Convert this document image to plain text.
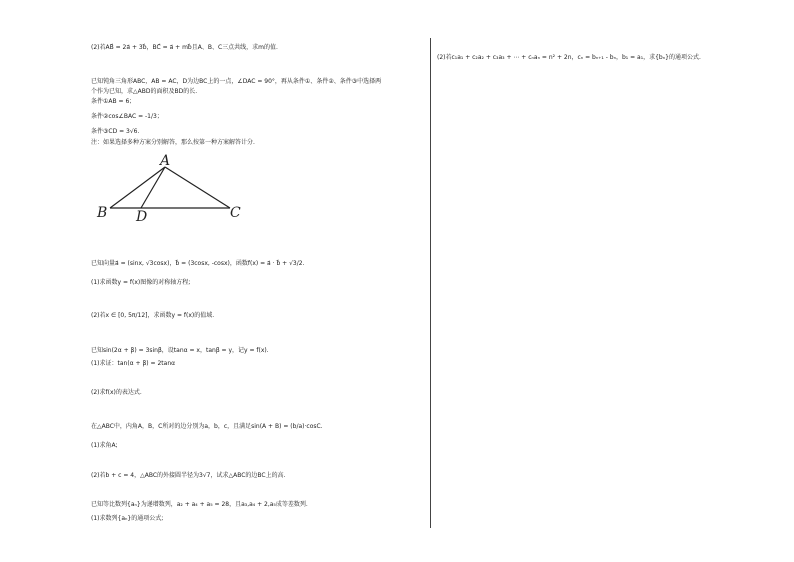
(2)若AB⃗ = 2a⃗ + 3b⃗，BC⃗ = a⃗ + mb⃗且A、B、C三点共线，求m的值.
已知钝角三角形ABC，AB = AC，D为边BC上的一点，∠DAC = 90°，再从条件①、条件②、条件③中选择两
个作为已知，求△ABD的面积及BD的长.
条件①AB = 6；
条件②cos∠BAC = -1/3；
条件③CD = 3√6.
注：如果选择多种方案分别解答，那么按第一种方案解答计分.
A
B D	C
已知向量a⃗ = (sinx, √3cosx)，b⃗ = (3cosx, -cosx)，函数f(x) = a⃗ · b⃗ + √3/2.
(1)求函数y = f(x)图像的对称轴方程;
(2)若x ∈ [0, 5π/12]，求函数y = f(x)的值域.
已知sin(2α + β) = 3sinβ，设tanα = x，tanβ = y，记y = f(x).
(1)求证：tan(α + β) = 2tanα
(2)求f(x)的表达式.
在△ABC中，内角A，B，C所对的边分别为a，b，c，且满足sin(A + B) = (b/a)·cosC.
(1)求角A;
(2)若b + c = 4，△ABC的外接圆半径为3√7，试求△ABC的边BC上的高.
已知等比数列{aₙ}为递增数列，a₂ + a₄ + a₅ = 28，且a₃,a₄ + 2,a₅成等差数列.
(1)求数列{aₙ}的通项公式;
(2)若c₁a₁ + c₂a₂ + c₃a₃ + ⋯ + cₙaₙ = n² + 2n，cₙ = bₙ₊₁ - bₙ，b₁ = a₁，求{bₙ}的通项公式.
